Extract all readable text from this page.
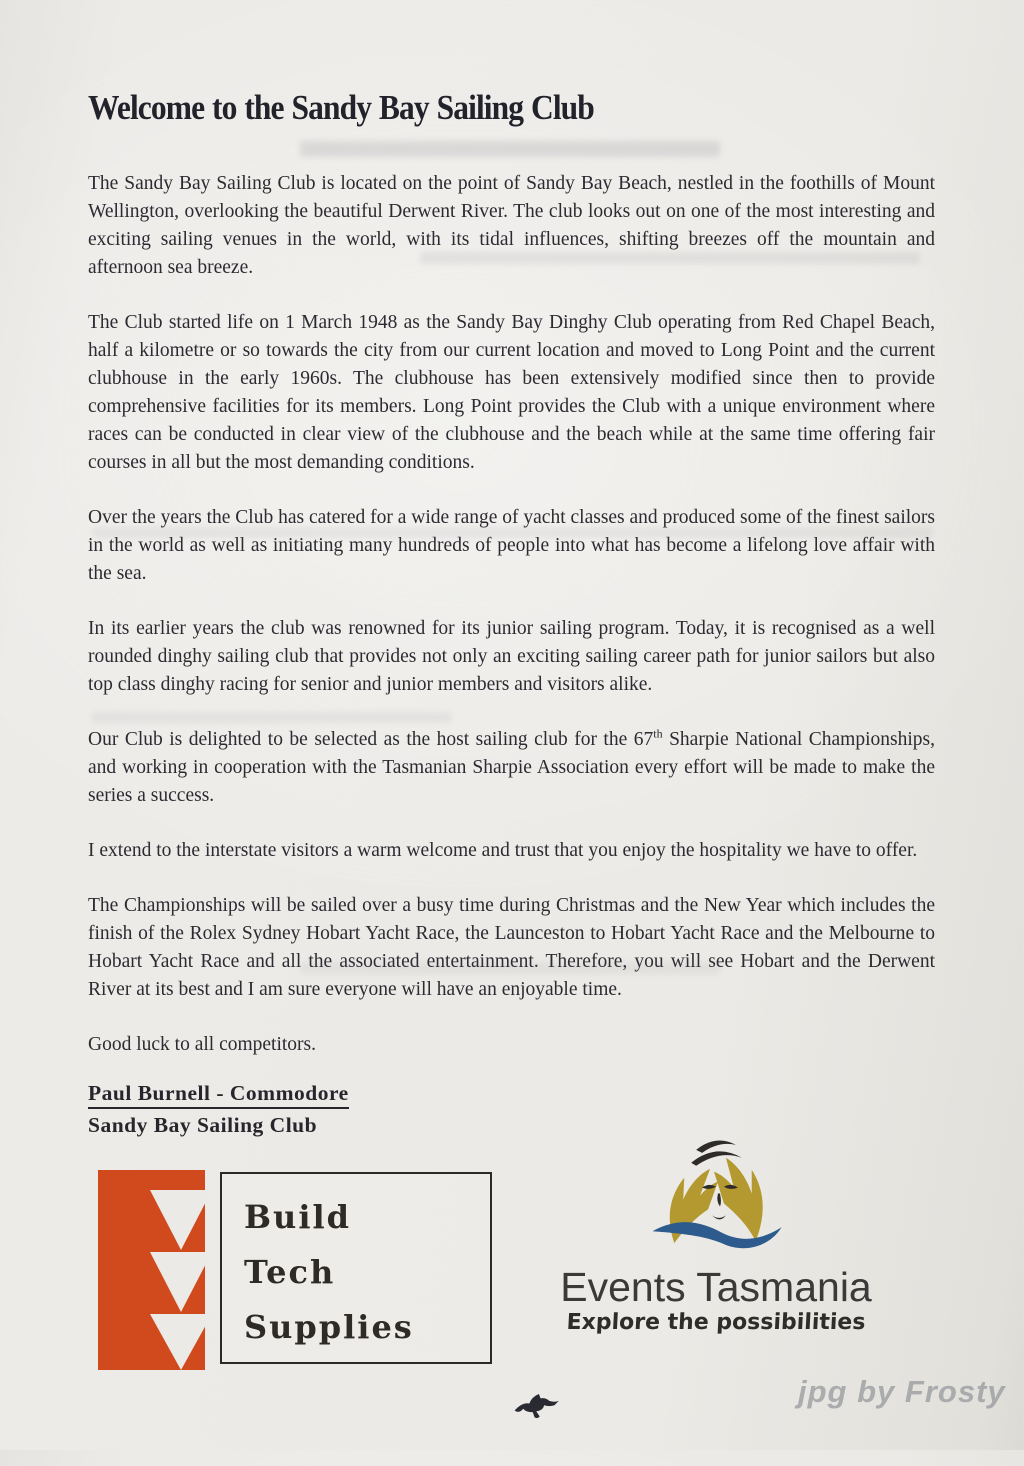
Welcome to the Sandy Bay Sailing Club

The Sandy Bay Sailing Club is located on the point of Sandy Bay Beach, nestled in the foothills of Mount Wellington, overlooking the beautiful Derwent River. The club looks out on one of the most interesting and exciting sailing venues in the world, with its tidal influences, shifting breezes off the mountain and afternoon sea breeze.

The Club started life on 1 March 1948 as the Sandy Bay Dinghy Club operating from Red Chapel Beach, half a kilometre or so towards the city from our current location and moved to Long Point and the current clubhouse in the early 1960s. The clubhouse has been extensively modified since then to provide comprehensive facilities for its members. Long Point provides the Club with a unique environment where races can be conducted in clear view of the clubhouse and the beach while at the same time offering fair courses in all but the most demanding conditions.

Over the years the Club has catered for a wide range of yacht classes and produced some of the finest sailors in the world as well as initiating many hundreds of people into what has become a lifelong love affair with the sea.

In its earlier years the club was renowned for its junior sailing program. Today, it is recognised as a well rounded dinghy sailing club that provides not only an exciting sailing career path for junior sailors but also top class dinghy racing for senior and junior members and visitors alike.

Our Club is delighted to be selected as the host sailing club for the 67th Sharpie National Championships, and working in cooperation with the Tasmanian Sharpie Association every effort will be made to make the series a success.

I extend to the interstate visitors a warm welcome and trust that you enjoy the hospitality we have to offer.

The Championships will be sailed over a busy time during Christmas and the New Year which includes the finish of the Rolex Sydney Hobart Yacht Race, the Launceston to Hobart Yacht Race and the Melbourne to Hobart Yacht Race and all the associated entertainment. Therefore, you will see Hobart and the Derwent River at its best and I am sure everyone will have an enjoyable time.

Good luck to all competitors.

Paul Burnell - Commodore
Sandy Bay Sailing Club
Build
Tech
Supplies
Events Tasmania
Explore the possibilities
jpg by Frosty
